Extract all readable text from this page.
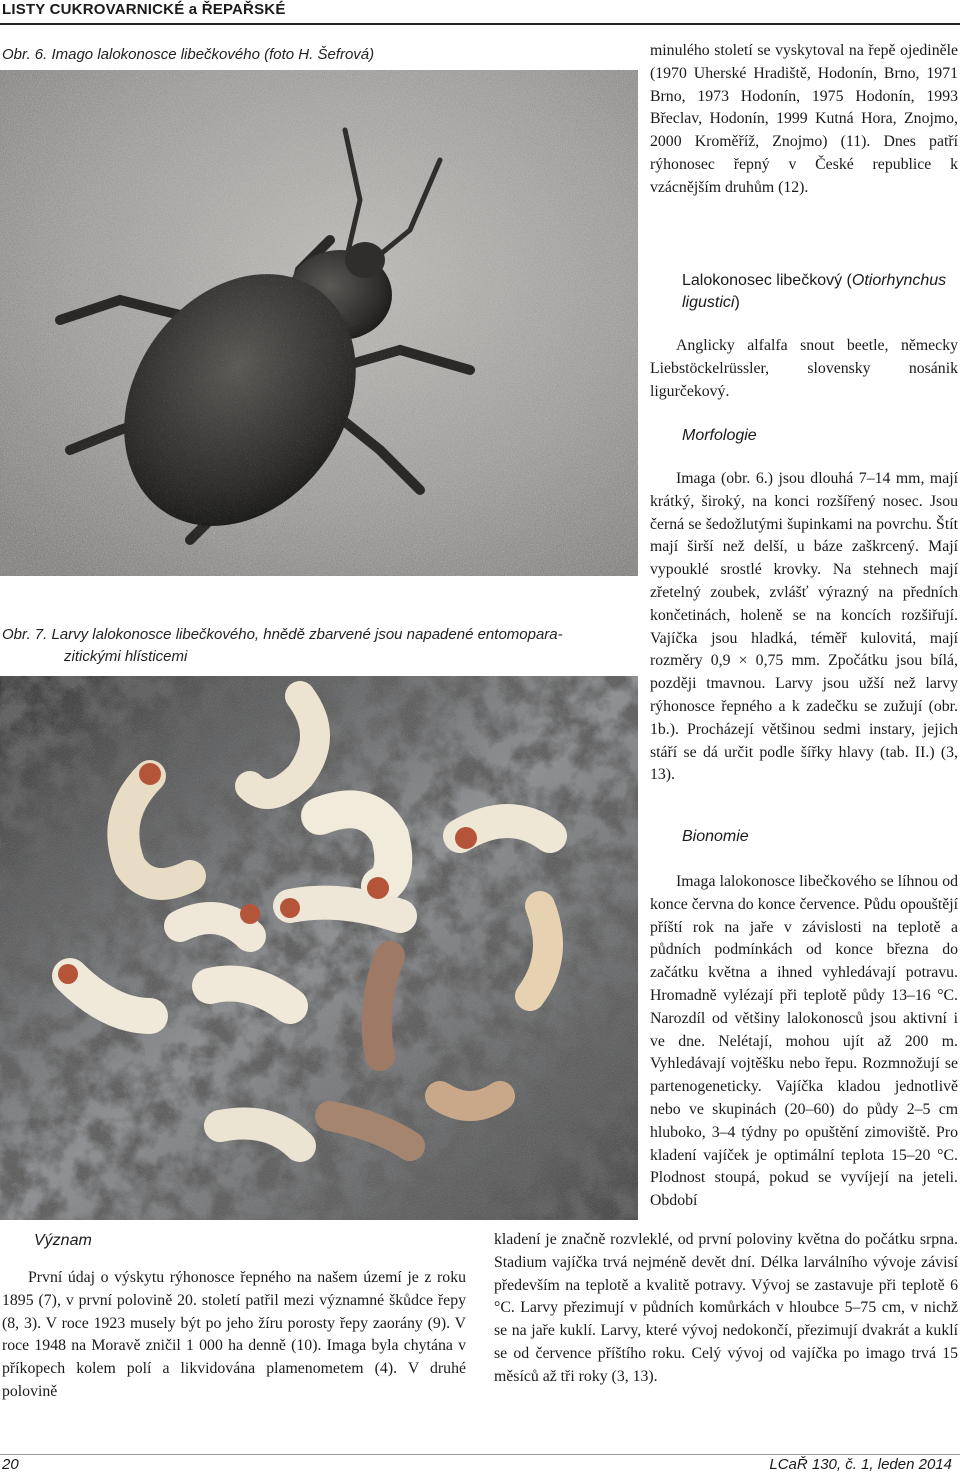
LISTY CUKROVARNICKÉ a ŘEPAŘSKÉ
Obr. 6. Imago lalokonosce libečkového (foto H. Šefrová)
Obr. 7. Larvy lalokonosce libečkového, hnědě zbarvené jsou napadené entomopara-
zitickými hlísticemi
Význam
První údaj o výskytu rýhonosce řepného na našem území je z roku 1895 (7), v první polovině 20. století patřil mezi významné škůdce řepy (8, 3). V roce 1923 musely být po jeho žíru porosty řepy zaorány (9). V roce 1948 na Moravě zničil 1 000 ha denně (10). Imaga byla chytána v příkopech kolem polí a likvidována plamenometem (4). V druhé polovině
minulého století se vyskytoval na řepě ojediněle (1970 Uherské Hradiště, Hodonín, Brno, 1971 Brno, 1973 Hodonín, 1975 Hodonín, 1993 Břeclav, Hodonín, 1999 Kutná Hora, Znojmo, 2000 Kroměříž, Znojmo) (11). Dnes patří rýhonosec řepný v České republice k vzácnějším druhům (12).
Lalokonosec libečkový (Otiorhynchus ligustici)
Anglicky alfalfa snout beetle, německy Liebstöckelrüssler, slovensky nosánik ligurčekový.
Morfologie
Imaga (obr. 6.) jsou dlouhá 7–14 mm, mají krátký, široký, na konci rozšířený nosec. Jsou černá se šedožlutými šupinkami na povrchu. Štít mají širší než delší, u báze zaškrcený. Mají vypouklé srostlé krovky. Na stehnech mají zřetelný zoubek, zvlášť výrazný na předních končetinách, holeně se na koncích rozšiřují. Vajíčka jsou hladká, téměř kulovitá, mají rozměry 0,9 × 0,75 mm. Zpočátku jsou bílá, později tmavnou. Larvy jsou užší než larvy rýhonosce řepného a k zadečku se zužují (obr. 1b.). Procházejí většinou sedmi instary, jejich stáří se dá určit podle šířky hlavy (tab. II.) (3, 13).
Bionomie
Imaga lalokonosce libečkového se líhnou od konce června do konce července. Půdu opouštějí příští rok na jaře v závislosti na teplotě a půdních podmínkách od konce března do začátku května a ihned vyhledávají potravu. Hromadně vylézají při teplotě půdy 13–16 °C. Narozdíl od většiny lalokonosců jsou aktivní i ve dne. Nelétají, mohou ujít až 200 m. Vyhledávají vojtěšku nebo řepu. Rozmnožují se partenogeneticky. Vajíčka kladou jednotlivě nebo ve skupinách (20–60) do půdy 2–5 cm hluboko, 3–4 týdny po opuštění zimoviště. Pro kladení vajíček je optimální teplota 15–20 °C. Plodnost stoupá, pokud se vyvíjejí na jeteli. Období
kladení je značně rozvleklé, od první poloviny května do počátku srpna. Stadium vajíčka trvá nejméně devět dní. Délka larválního vývoje závisí především na teplotě a kvalitě potravy. Vývoj se zastavuje při teplotě 6 °C. Larvy přezimují v půdních komůrkách v hloubce 5–75 cm, v nichž se na jaře kuklí. Larvy, které vývoj nedokončí, přezimují dvakrát a kuklí se od července příštího roku. Celý vývoj od vajíčka po imago trvá 15 měsíců až tři roky (3, 13).
20	LCaŘ 130, č. 1, leden 2014
